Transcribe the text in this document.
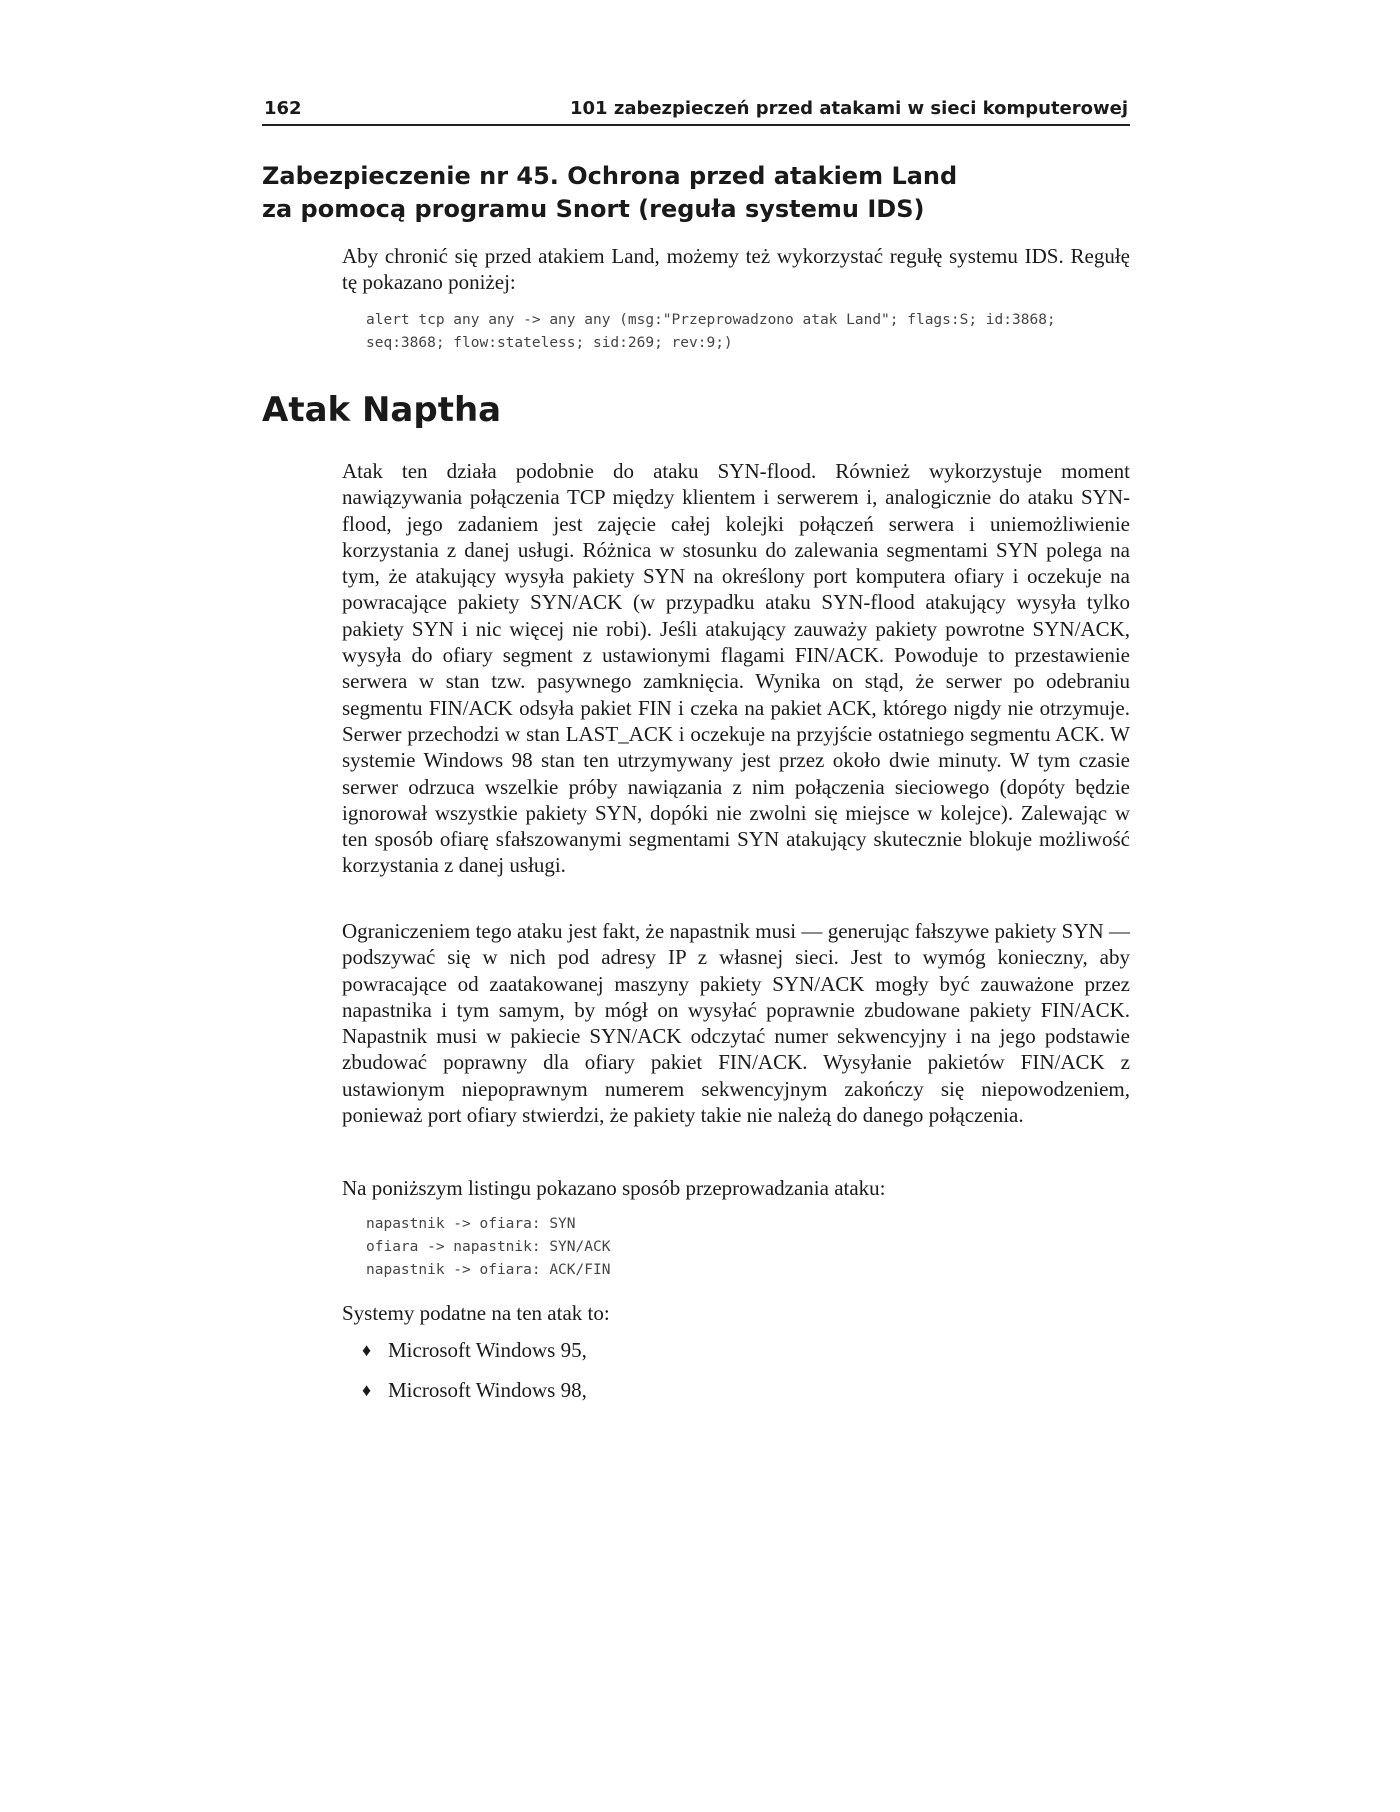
162	101 zabezpieczeń przed atakami w sieci komputerowej
Zabezpieczenie nr 45. Ochrona przed atakiem Land
za pomocą programu Snort (reguła systemu IDS)

Aby chronić się przed atakiem Land, możemy też wykorzystać regułę systemu IDS. Regułę tę pokazano poniżej:

alert tcp any any -> any any (msg:"Przeprowadzono atak Land"; flags:S; id:3868;
seq:3868; flow:stateless; sid:269; rev:9;)
Atak Naptha

Atak ten działa podobnie do ataku SYN-flood. Również wykorzystuje moment nawiązywania połączenia TCP między klientem i serwerem i, analogicznie do ataku SYN-flood, jego zadaniem jest zajęcie całej kolejki połączeń serwera i uniemożliwienie korzystania z danej usługi. Różnica w stosunku do zalewania segmentami SYN polega na tym, że atakujący wysyła pakiety SYN na określony port komputera ofiary i oczekuje na powracające pakiety SYN/ACK (w przypadku ataku SYN-flood atakujący wysyła tylko pakiety SYN i nic więcej nie robi). Jeśli atakujący zauważy pakiety powrotne SYN/ACK, wysyła do ofiary segment z ustawionymi flagami FIN/ACK. Powoduje to przestawienie serwera w stan tzw. pasywnego zamknięcia. Wynika on stąd, że serwer po odebraniu segmentu FIN/ACK odsyła pakiet FIN i czeka na pakiet ACK, którego nigdy nie otrzymuje. Serwer przechodzi w stan LAST_ACK i oczekuje na przyjście ostatniego segmentu ACK. W systemie Windows 98 stan ten utrzymywany jest przez około dwie minuty. W tym czasie serwer odrzuca wszelkie próby nawiązania z nim połączenia sieciowego (dopóty będzie ignorował wszystkie pakiety SYN, dopóki nie zwolni się miejsce w kolejce). Zalewając w ten sposób ofiarę sfałszowanymi segmentami SYN atakujący skutecznie blokuje możliwość korzystania z danej usługi.

Ograniczeniem tego ataku jest fakt, że napastnik musi — generując fałszywe pakiety SYN — podszywać się w nich pod adresy IP z własnej sieci. Jest to wymóg konieczny, aby powracające od zaatakowanej maszyny pakiety SYN/ACK mogły być zauważone przez napastnika i tym samym, by mógł on wysyłać poprawnie zbudowane pakiety FIN/ACK. Napastnik musi w pakiecie SYN/ACK odczytać numer sekwencyjny i na jego podstawie zbudować poprawny dla ofiary pakiet FIN/ACK. Wysyłanie pakietów FIN/ACK z ustawionym niepoprawnym numerem sekwencyjnym zakończy się niepowodzeniem, ponieważ port ofiary stwierdzi, że pakiety takie nie należą do danego połączenia.

Na poniższym listingu pokazano sposób przeprowadzania ataku:

napastnik -> ofiara: SYN
ofiara -> napastnik: SYN/ACK
napastnik -> ofiara: ACK/FIN

Systemy podatne na ten atak to:

♦ Microsoft Windows 95,
♦ Microsoft Windows 98,
